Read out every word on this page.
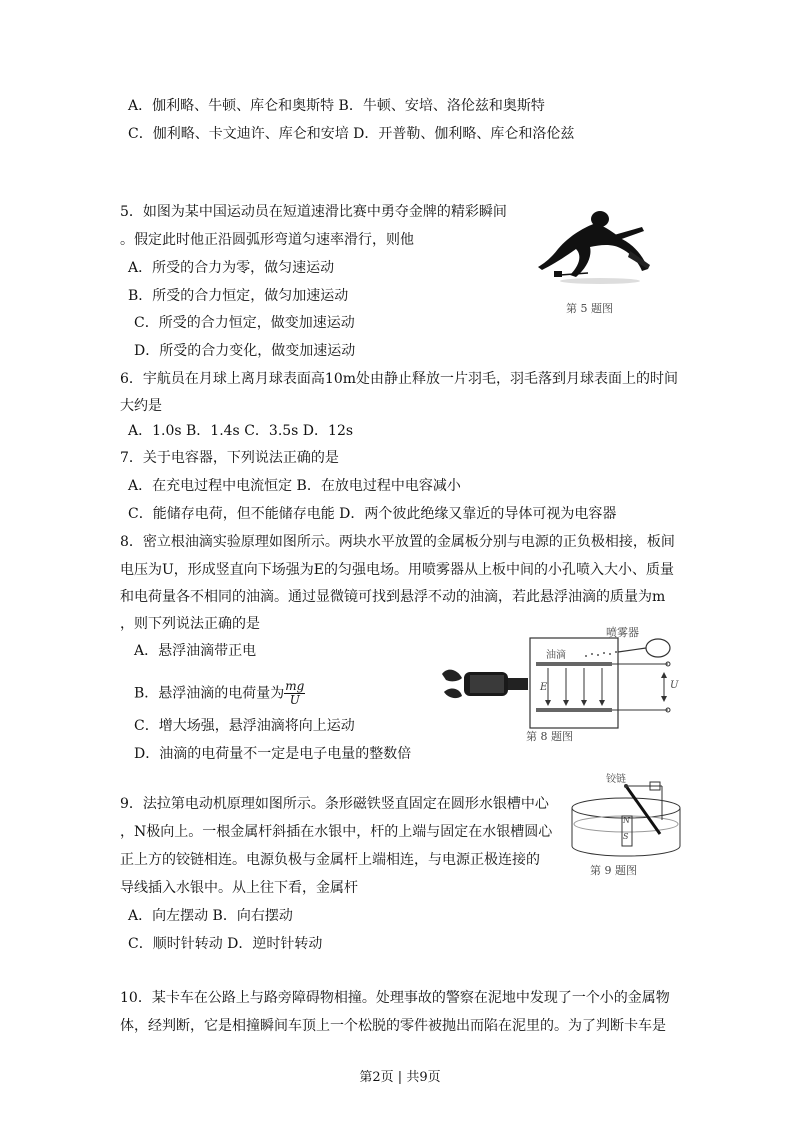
A．伽利略、牛顿、库仑和奥斯特 B．牛顿、安培、洛伦兹和奥斯特
C．伽利略、卡文迪许、库仑和安培 D．开普勒、伽利略、库仑和洛伦兹
5．如图为某中国运动员在短道速滑比赛中勇夺金牌的精彩瞬间
。假定此时他正沿圆弧形弯道匀速率滑行，则他
A．所受的合力为零，做匀速运动
B．所受的合力恒定，做匀加速运动
C．所受的合力恒定，做变加速运动
D．所受的合力变化，做变加速运动
第 5 题图
6．宇航员在月球上离月球表面高10m处由静止释放一片羽毛，羽毛落到月球表面上的时间
大约是
A．1.0s B．1.4s C．3.5s D．12s
7．关于电容器，下列说法正确的是
A．在充电过程中电流恒定 B．在放电过程中电容减小
C．能储存电荷，但不能储存电能 D．两个彼此绝缘又靠近的导体可视为电容器
8．密立根油滴实验原理如图所示。两块水平放置的金属板分别与电源的正负极相接，板间
电压为U，形成竖直向下场强为E的匀强电场。用喷雾器从上板中间的小孔喷入大小、质量
和电荷量各不相同的油滴。通过显微镜可找到悬浮不动的油滴，若此悬浮油滴的质量为m
，则下列说法正确的是
A．悬浮油滴带正电
B．悬浮油滴的电荷量为 $\frac{mg}{U}$
C．增大场强，悬浮油滴将向上运动
D．油滴的电荷量不一定是电子电量的整数倍
喷雾器
油滴
E	U
第 8 题图
9．法拉第电动机原理如图所示。条形磁铁竖直固定在圆形水银槽中心
，N极向上。一根金属杆斜插在水银中，杆的上端与固定在水银槽圆心
正上方的铰链相连。电源负极与金属杆上端相连，与电源正极连接的
导线插入水银中。从上往下看，金属杆
A．向左摆动 B．向右摆动
C．顺时针转动 D．逆时针转动
铰链
N
S
第 9 题图
10．某卡车在公路上与路旁障碍物相撞。处理事故的警察在泥地中发现了一个小的金属物
体，经判断，它是相撞瞬间车顶上一个松脱的零件被抛出而陷在泥里的。为了判断卡车是
第2页 | 共9页
